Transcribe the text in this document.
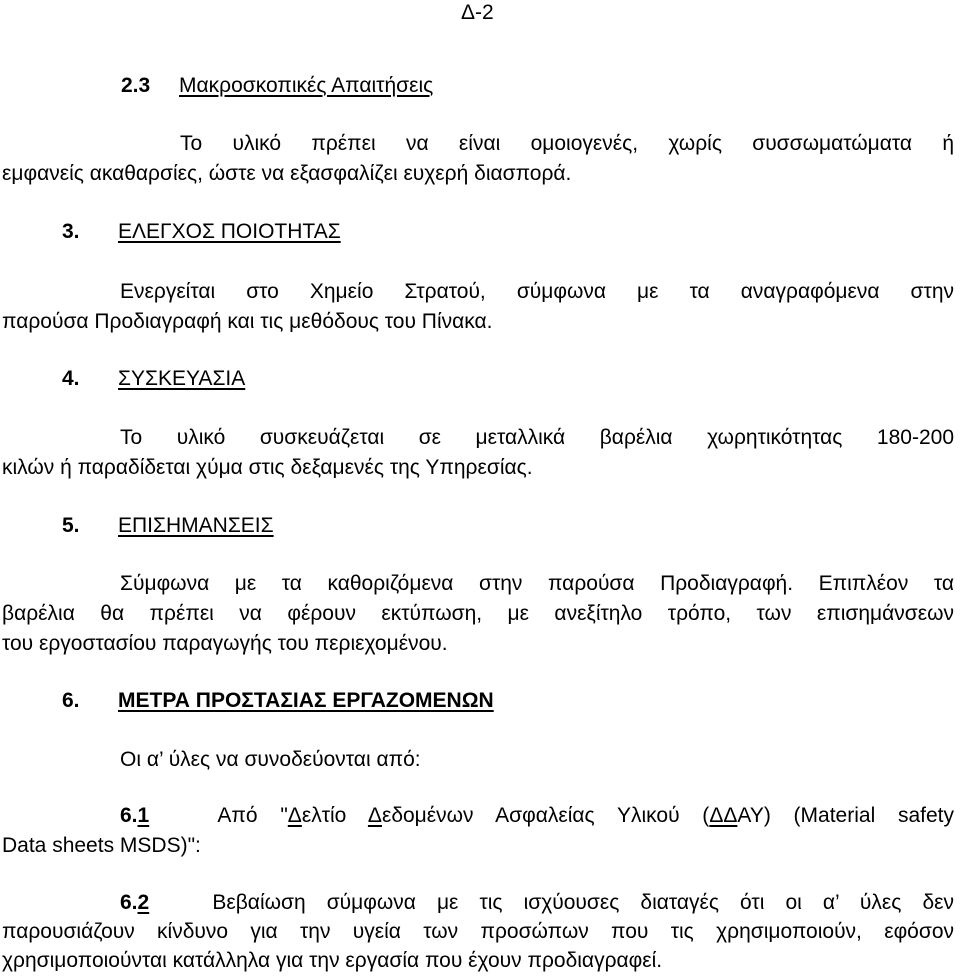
Δ-2
2.3 Μακροσκοπικές Απαιτήσεις
Το υλικό πρέπει να είναι ομοιογενές, χωρίς συσσωματώματα ή
εμφανείς ακαθαρσίες, ώστε να εξασφαλίζει ευχερή διασπορά.
3. ΕΛΕΓΧΟΣ ΠΟΙΟΤΗΤΑΣ
Ενεργείται στο Χημείο Στρατού, σύμφωνα με τα αναγραφόμενα στην
παρούσα Προδιαγραφή και τις μεθόδους του Πίνακα.
4. ΣΥΣΚΕΥΑΣΙΑ
Το υλικό συσκευάζεται σε μεταλλικά βαρέλια χωρητικότητας 180-200
κιλών ή παραδίδεται χύμα στις δεξαμενές της Υπηρεσίας.
5. ΕΠΙΣΗΜΑΝΣΕΙΣ
Σύμφωνα με τα καθοριζόμενα στην παρούσα Προδιαγραφή. Επιπλέον τα
βαρέλια θα πρέπει να φέρουν εκτύπωση, με ανεξίτηλο τρόπο, των επισημάνσεων
του εργοστασίου παραγωγής του περιεχομένου.
6. ΜΕΤΡΑ ΠΡΟΣΤΑΣΙΑΣ ΕΡΓΑΖΟΜΕΝΩΝ
Οι α’ ύλες να συνοδεύονται από:
6.1	Από "Δελτίο Δεδομένων Ασφαλείας Υλικού (ΔΔΑΥ) (Material safety
Data sheets MSDS)":
6.2	Βεβαίωση σύμφωνα με τις ισχύουσες διαταγές ότι οι α’ ύλες δεν
παρουσιάζουν κίνδυνο για την υγεία των προσώπων που τις χρησιμοποιούν, εφόσον
χρησιμοποιούνται κατάλληλα για την εργασία που έχουν προδιαγραφεί.
